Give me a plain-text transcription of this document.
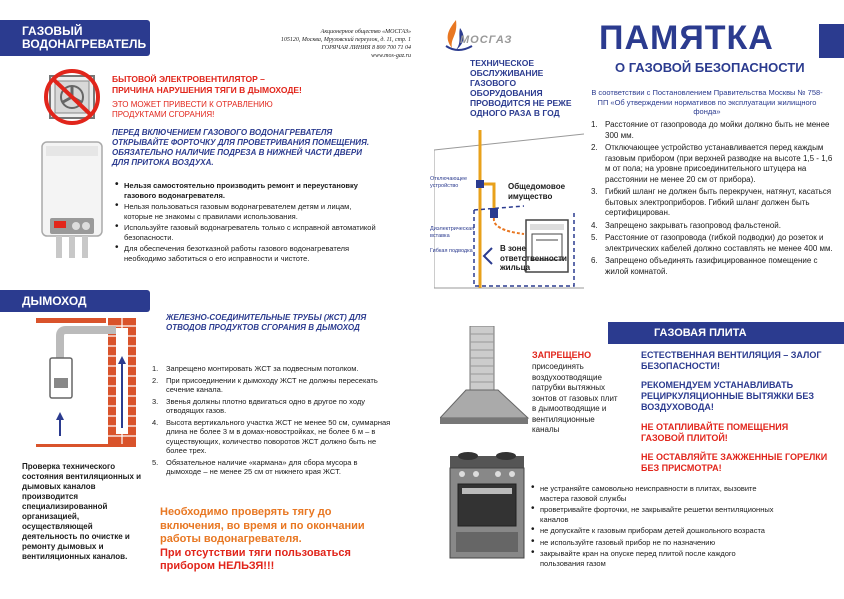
ГАЗОВЫЙ
ВОДОНАГРЕВАТЕЛЬ
Акционерное общество «МОСГАЗ»
105120, Москва, Мрузовский переулок, д. 11, стр. 1
ГОРЯЧАЯ ЛИНИЯ 8 800 700 71 04
www.mos-gaz.ru
БЫТОВОЙ ЭЛЕКТРОВЕНТИЛЯТОР –
ПРИЧИНА НАРУШЕНИЯ ТЯГИ В ДЫМОХОДЕ!
ЭТО МОЖЕТ ПРИВЕСТИ К ОТРАВЛЕНИЮ
ПРОДУКТАМИ СГОРАНИЯ!
ПЕРЕД ВКЛЮЧЕНИЕМ ГАЗОВОГО ВОДОНАГРЕВАТЕЛЯ ОТКРЫВАЙТЕ ФОРТОЧКУ ДЛЯ ПРОВЕТРИВАНИЯ ПОМЕЩЕНИЯ. ОБЯЗАТЕЛЬНО НАЛИЧИЕ ПОДРЕЗА В НИЖНЕЙ ЧАСТИ ДВЕРИ ДЛЯ ПРИТОКА ВОЗДУХА.
• Нельзя самостоятельно производить ремонт и переустановку газового водонагревателя.
• Нельзя пользоваться газовым водонагревателем детям и лицам, которые не знакомы с правилами использования.
• Используйте газовый водонагреватель только с исправной автоматикой безопасности.
• Для обеспечения безотказной работы газового водонагревателя необходимо заботиться о его исправности и чистоте.
ДЫМОХОД
ЖЕЛЕЗНО-СОЕДИНИТЕЛЬНЫЕ ТРУБЫ (ЖСТ) ДЛЯ ОТВОДОВ ПРОДУКТОВ СГОРАНИЯ В ДЫМОХОД
1. Запрещено монтировать ЖСТ за подвесным потолком.
2. При присоединении к дымоходу ЖСТ не должны пересекать сечение канала.
3. Звенья должны плотно вдвигаться одно в другое по ходу отводящих газов.
4. Высота вертикального участка ЖСТ не менее 50 см, суммарная длина не более 3 м в домах-новостройках, не более 6 м – в существующих, количество поворотов ЖСТ должно быть не более трех.
5. Обязательное наличие «кармана» для сбора мусора в дымоходе – не менее 25 см от нижнего края ЖСТ.
Проверка технического состояния вентиляционных и дымовых каналов производится специализированной организацией, осуществляющей деятельность по очистке и ремонту дымовых и вентиляционных каналов.
Необходимо проверять тягу до включения, во время и по окончании работы водонагревателя.
При отсутствии тяги пользоваться прибором НЕЛЬЗЯ!!!
МОСГАЗ
ТЕХНИЧЕСКОЕ ОБСЛУЖИВАНИЕ ГАЗОВОГО ОБОРУДОВАНИЯ ПРОВОДИТСЯ НЕ РЕЖЕ ОДНОГО РАЗА В ГОД
Отключающее устройство	Общедомовое имущество
Диэлектрическая вставка
Гибкая подводка	В зоне ответственности жильца
ЗАПРЕЩЕНО
присоединять воздухоотводящие патрубки вытяжных зонтов от газовых плит в дымоотводящие и вентиляционные каналы
ПАМЯТКА
О ГАЗОВОЙ БЕЗОПАСНОСТИ
В соответствии с Постановлением Правительства Москвы № 758-ПП «Об утверждении нормативов по эксплуатации жилищного фонда»
1. Расстояние от газопровода до мойки должно быть не менее 300 мм.
2. Отключающее устройство устанавливается перед каждым газовым прибором (при верхней разводке на высоте 1,5 - 1,6 м от пола; на уровне присоединительного штуцера на расстоянии не менее 20 см от прибора).
3. Гибкий шланг не должен быть перекручен, натянут, касаться бытовых электроприборов. Гибкий шланг должен быть сертифицирован.
4. Запрещено закрывать газопровод фальстеной.
5. Расстояние от газопровода (гибкой подводки) до розеток и электрических кабелей должно составлять не менее 400 мм.
6. Запрещено объединять газифицированное помещение с жилой комнатой.
ГАЗОВАЯ ПЛИТА
ЕСТЕСТВЕННАЯ ВЕНТИЛЯЦИЯ – ЗАЛОГ БЕЗОПАСНОСТИ!
РЕКОМЕНДУЕМ УСТАНАВЛИВАТЬ РЕЦИРКУЛЯЦИОННЫЕ ВЫТЯЖКИ БЕЗ ВОЗДУХОВОДА!
НЕ ОТАПЛИВАЙТЕ ПОМЕЩЕНИЯ ГАЗОВОЙ ПЛИТОЙ!
НЕ ОСТАВЛЯЙТЕ ЗАЖЖЕННЫЕ ГОРЕЛКИ БЕЗ ПРИСМОТРА!
• не устраняйте самовольно неисправности в плитах, вызовите мастера газовой службы
• проветривайте форточки, не закрывайте решетки вентиляционных каналов
• не допускайте к газовым приборам детей дошкольного возраста
• не используйте газовый прибор не по назначению
• закрывайте кран на опуске перед плитой после каждого пользования газом
